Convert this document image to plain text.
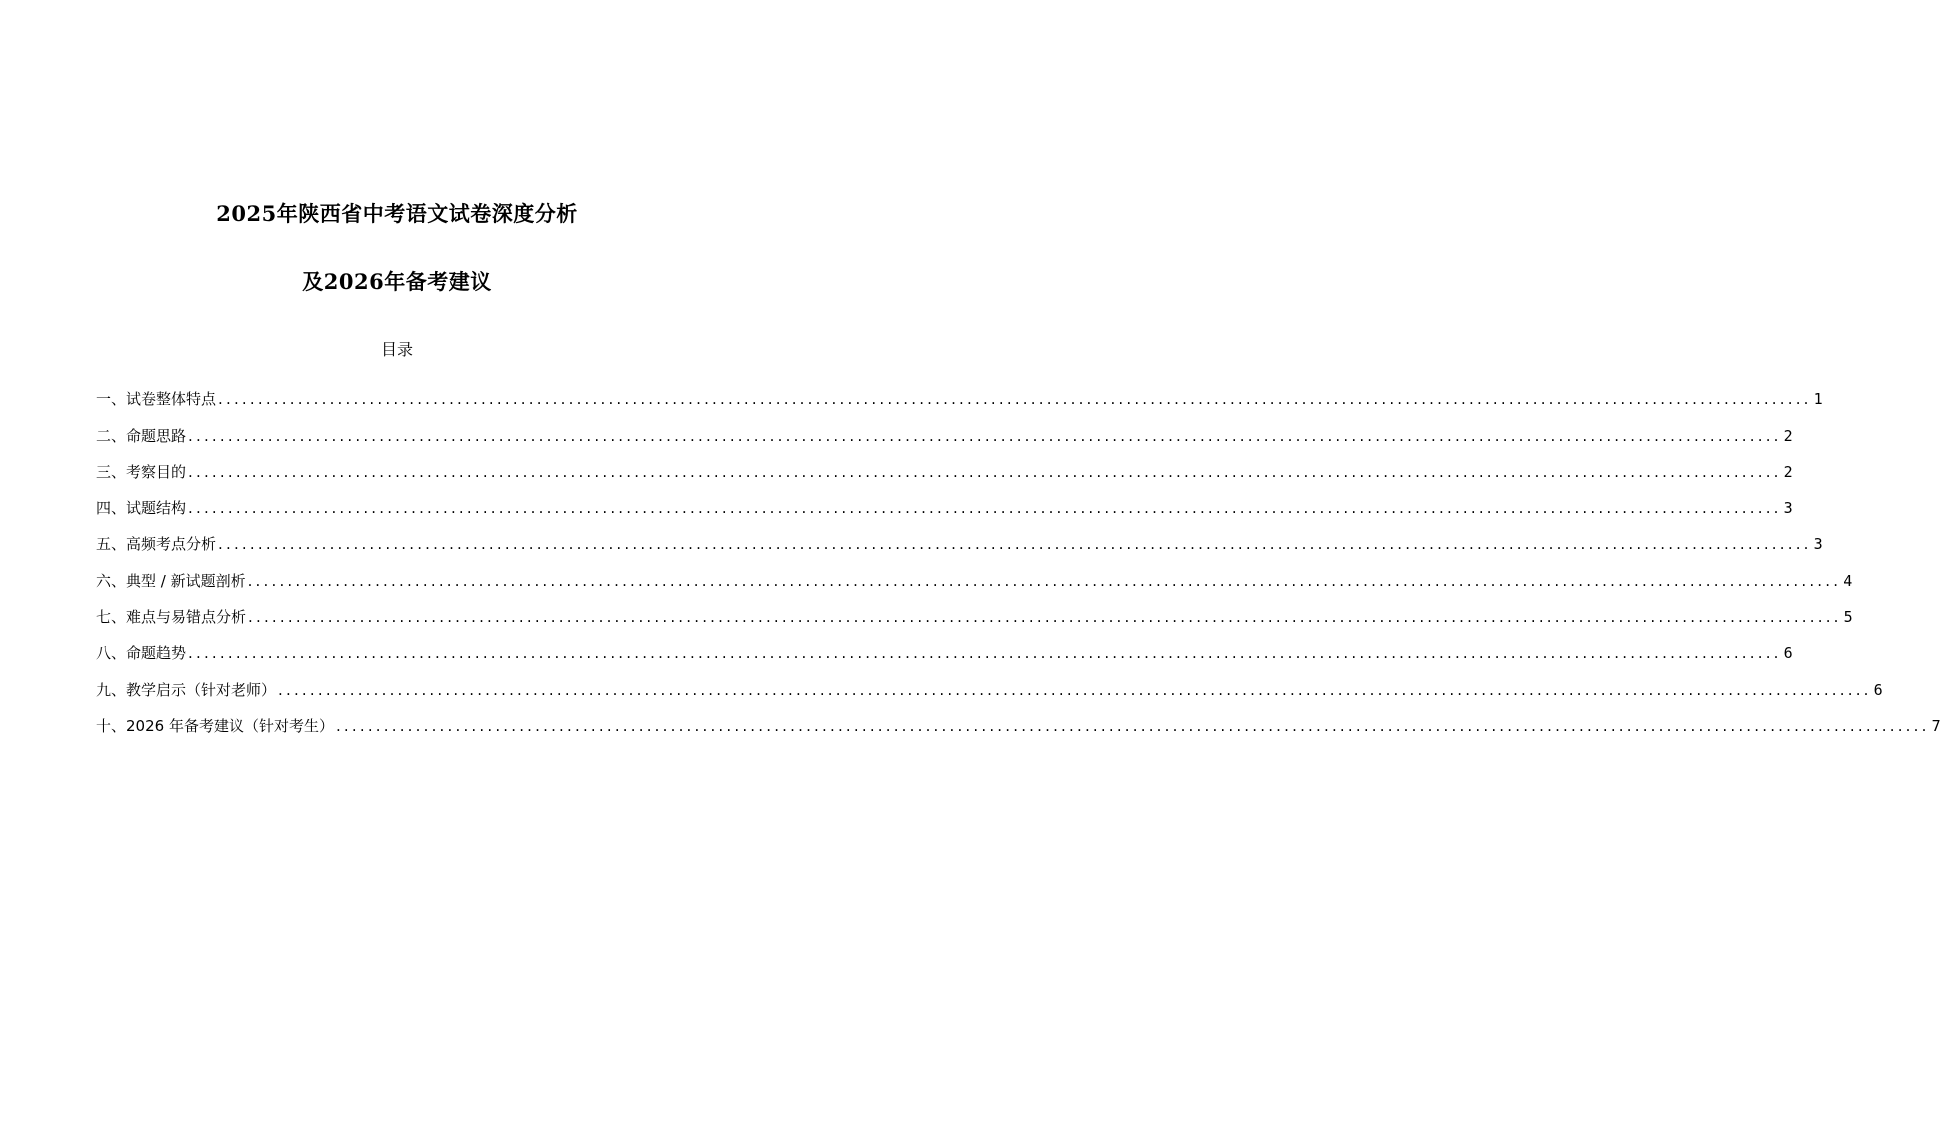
2025年陕西省中考语文试卷深度分析
及2026年备考建议
目录
一、试卷整体特点 ........................................................................................................................................................................................................ 1
二、命题思路 ........................................................................................................................................................................................................ 2
三、考察目的 ........................................................................................................................................................................................................ 2
四、试题结构 ........................................................................................................................................................................................................ 3
五、高频考点分析 ........................................................................................................................................................................................................ 3
六、典型 / 新试题剖析 ........................................................................................................................................................................................................ 4
七、难点与易错点分析 ........................................................................................................................................................................................................ 5
八、命题趋势 ........................................................................................................................................................................................................ 6
九、教学启示（针对老师） ........................................................................................................................................................................................................ 6
十、2026 年备考建议（针对考生） ........................................................................................................................................................................................................ 7
